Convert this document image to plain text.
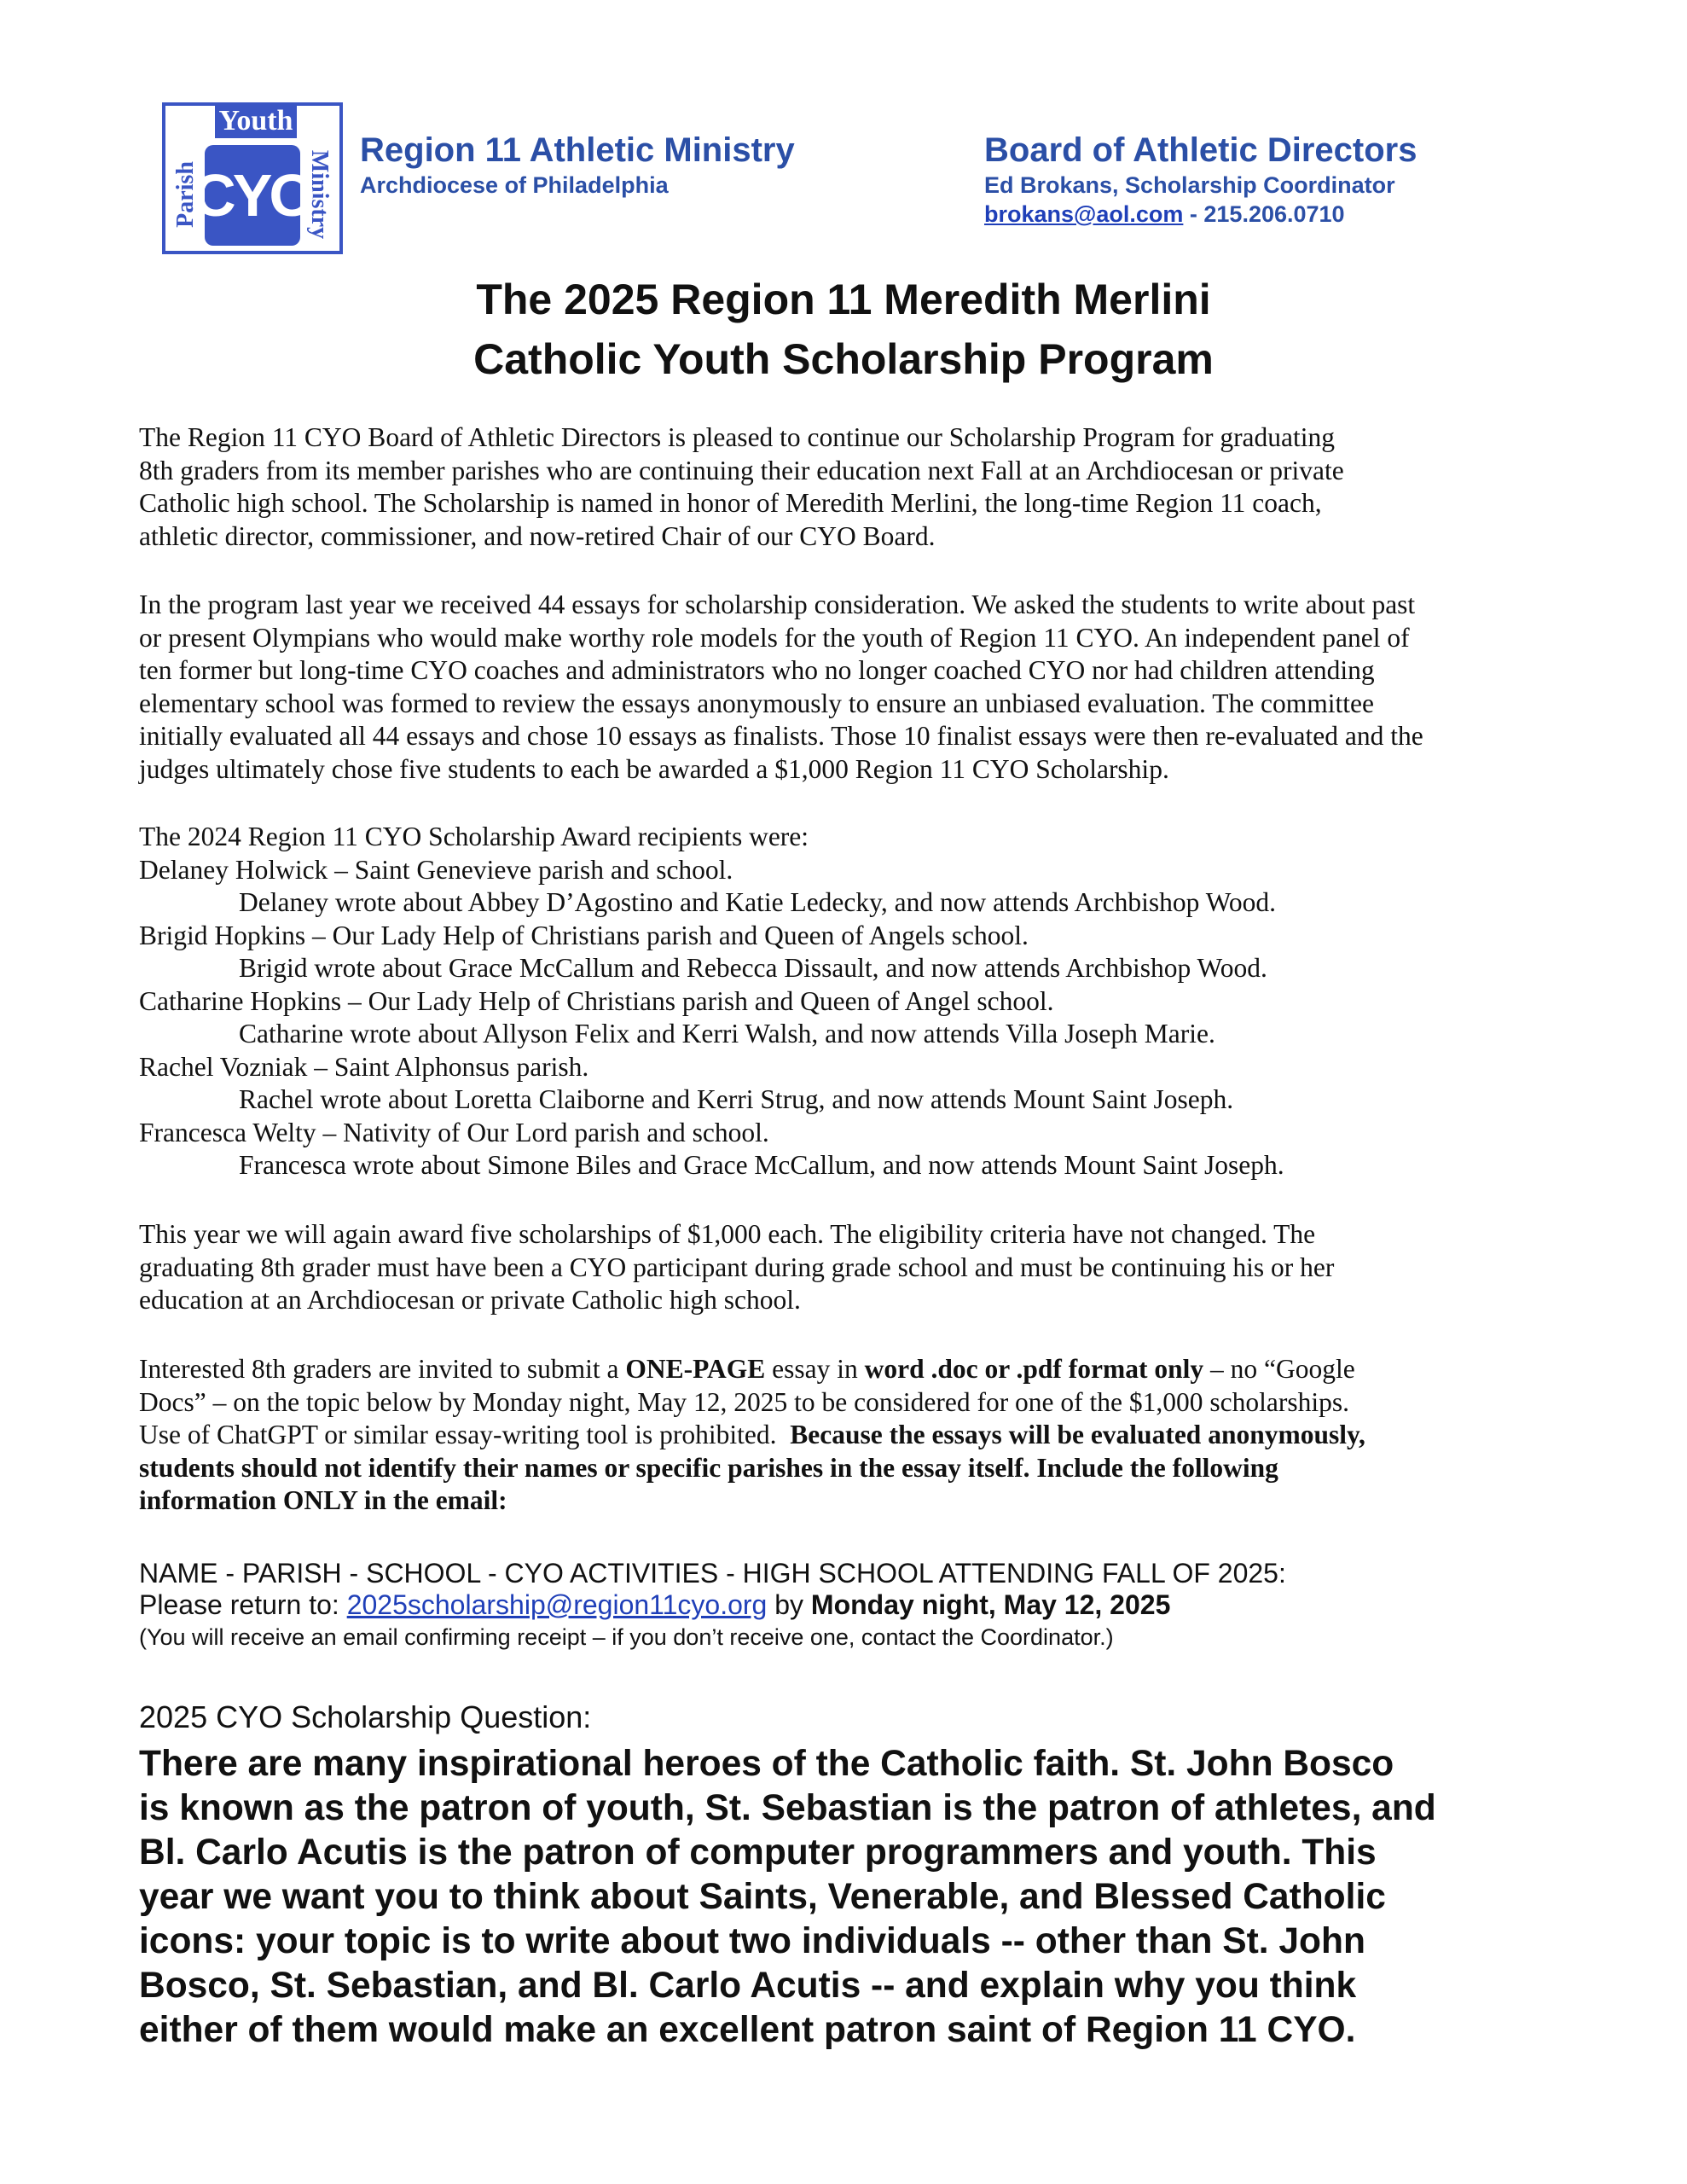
Youth
Parish	Ministry
CYO
Region 11 Athletic Ministry
Archdiocese of Philadelphia
Board of Athletic Directors
Ed Brokans, Scholarship Coordinator
brokans@aol.com - 215.206.0710
The 2025 Region 11 Meredith Merlini
Catholic Youth Scholarship Program
The Region 11 CYO Board of Athletic Directors is pleased to continue our Scholarship Program for graduating
8th graders from its member parishes who are continuing their education next Fall at an Archdiocesan or private
Catholic high school. The Scholarship is named in honor of Meredith Merlini, the long-time Region 11 coach,
athletic director, commissioner, and now-retired Chair of our CYO Board.
In the program last year we received 44 essays for scholarship consideration. We asked the students to write about past
or present Olympians who would make worthy role models for the youth of Region 11 CYO. An independent panel of
ten former but long-time CYO coaches and administrators who no longer coached CYO nor had children attending
elementary school was formed to review the essays anonymously to ensure an unbiased evaluation. The committee
initially evaluated all 44 essays and chose 10 essays as finalists. Those 10 finalist essays were then re-evaluated and the
judges ultimately chose five students to each be awarded a $1,000 Region 11 CYO Scholarship.
The 2024 Region 11 CYO Scholarship Award recipients were:
Delaney Holwick – Saint Genevieve parish and school.
Delaney wrote about Abbey D’Agostino and Katie Ledecky, and now attends Archbishop Wood.
Brigid Hopkins – Our Lady Help of Christians parish and Queen of Angels school.
Brigid wrote about Grace McCallum and Rebecca Dissault, and now attends Archbishop Wood.
Catharine Hopkins – Our Lady Help of Christians parish and Queen of Angel school.
Catharine wrote about Allyson Felix and Kerri Walsh, and now attends Villa Joseph Marie.
Rachel Vozniak – Saint Alphonsus parish.
Rachel wrote about Loretta Claiborne and Kerri Strug, and now attends Mount Saint Joseph.
Francesca Welty – Nativity of Our Lord parish and school.
Francesca wrote about Simone Biles and Grace McCallum, and now attends Mount Saint Joseph.
This year we will again award five scholarships of $1,000 each. The eligibility criteria have not changed. The
graduating 8th grader must have been a CYO participant during grade school and must be continuing his or her
education at an Archdiocesan or private Catholic high school.
Interested 8th graders are invited to submit a ONE-PAGE essay in word .doc or .pdf format only – no “Google
Docs” – on the topic below by Monday night, May 12, 2025 to be considered for one of the $1,000 scholarships.
Use of ChatGPT or similar essay-writing tool is prohibited.  Because the essays will be evaluated anonymously,
students should not identify their names or specific parishes in the essay itself. Include the following
information ONLY in the email:
NAME - PARISH - SCHOOL - CYO ACTIVITIES - HIGH SCHOOL ATTENDING FALL OF 2025:
Please return to: 2025scholarship@region11cyo.org by Monday night, May 12, 2025
(You will receive an email confirming receipt – if you don’t receive one, contact the Coordinator.)
2025 CYO Scholarship Question:
There are many inspirational heroes of the Catholic faith. St. John Bosco
is known as the patron of youth, St. Sebastian is the patron of athletes, and
Bl. Carlo Acutis is the patron of computer programmers and youth. This
year we want you to think about Saints, Venerable, and Blessed Catholic
icons: your topic is to write about two individuals -- other than St. John
Bosco, St. Sebastian, and Bl. Carlo Acutis -- and explain why you think
either of them would make an excellent patron saint of Region 11 CYO.
